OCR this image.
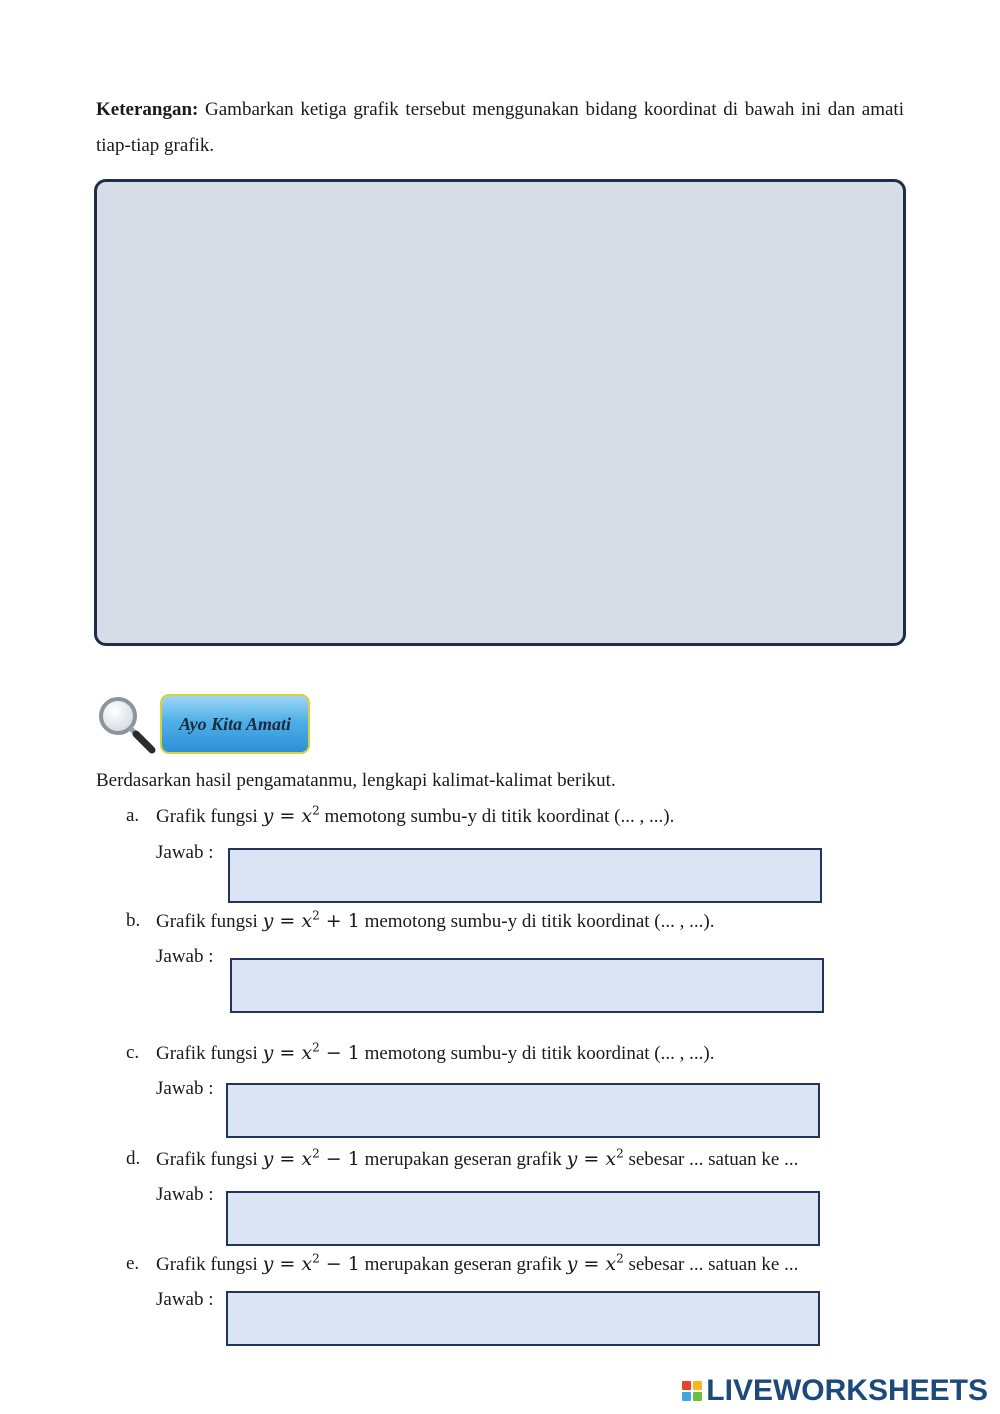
Keterangan: Gambarkan ketiga grafik tersebut menggunakan bidang koordinat di bawah ini dan amati tiap-tiap grafik.
Ayo Kita Amati
Berdasarkan hasil pengamatanmu, lengkapi kalimat-kalimat berikut.
a. Grafik fungsi $y = x^2$ memotong sumbu-y di titik koordinat (... , ...).
Jawab :
b. Grafik fungsi $y = x^2 + 1$ memotong sumbu-y di titik koordinat (... , ...).
Jawab :
c. Grafik fungsi $y = x^2 - 1$ memotong sumbu-y di titik koordinat (... , ...).
Jawab :
d. Grafik fungsi $y = x^2 - 1$ merupakan geseran grafik $y = x^2$ sebesar ... satuan ke ...
Jawab :
e. Grafik fungsi $y = x^2 - 1$ merupakan geseran grafik $y = x^2$ sebesar ... satuan ke ...
Jawab :
LIVEWORKSHEETS
